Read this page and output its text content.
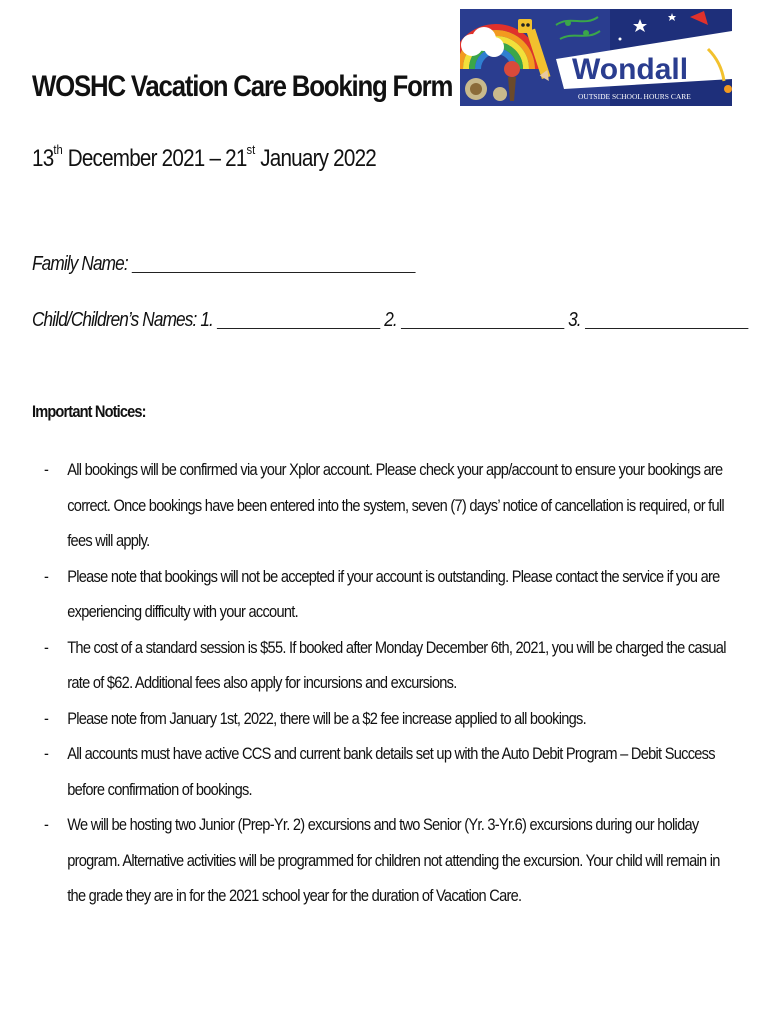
WOSHC Vacation Care Booking Form
13th December 2021 – 21st January 2022
Wondall
OUTSIDE SCHOOL HOURS CARE
Family Name:
Child/Children’s Names: 1.	2.	3.
Important Notices:
- All bookings will be confirmed via your Xplor account. Please check your app/account to ensure your bookings are correct. Once bookings have been entered into the system, seven (7) days’ notice of cancellation is required, or full fees will apply.
- Please note that bookings will not be accepted if your account is outstanding. Please contact the service if you are experiencing difficulty with your account.
- The cost of a standard session is $55. If booked after Monday December 6th, 2021, you will be charged the casual rate of $62. Additional fees also apply for incursions and excursions.
- Please note from January 1st, 2022, there will be a $2 fee increase applied to all bookings.
- All accounts must have active CCS and current bank details set up with the Auto Debit Program – Debit Success before confirmation of bookings.
- We will be hosting two Junior (Prep-Yr. 2) excursions and two Senior (Yr. 3-Yr.6) excursions during our holiday program. Alternative activities will be programmed for children not attending the excursion. Your child will remain in the grade they are in for the 2021 school year for the duration of Vacation Care.
